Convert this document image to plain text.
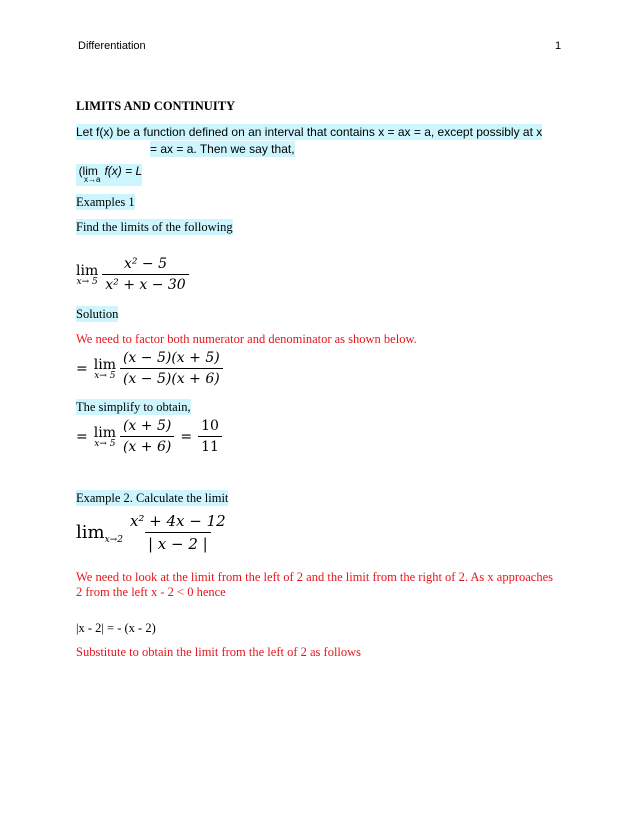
Differentiation	1
LIMITS AND CONTINUITY
Let f(x) be a function defined on an interval that contains x = ax = a, except possibly at x
= ax = a. Then we say that,
(lim
x→a
f(x) = L
Examples 1
Find the limits of the following
lim
$x\to 5 \frac{\text{x² − 5}}{\text{x² + x − 30}}$
Solution
We need to factor both numerator and denominator as shown below.
= lim
$x\to 5 \frac{(x - 5)(x + 5)}{(x - 5)(x + 6)}$
The simplify to obtain,
= lim
$x\to 5 \frac{(x + 5)}{(x + 6)} = \frac{10}{11}$
Example 2. Calculate the limit
$\lim x\to 2 \frac{\text{x² + 4x − 12}}{| x - 2 |}$
We need to look at the limit from the left of 2 and the limit from the right of 2. As x approaches
2 from the left x - 2 < 0 hence
|x - 2| = - (x - 2)
Substitute to obtain the limit from the left of 2 as follows
